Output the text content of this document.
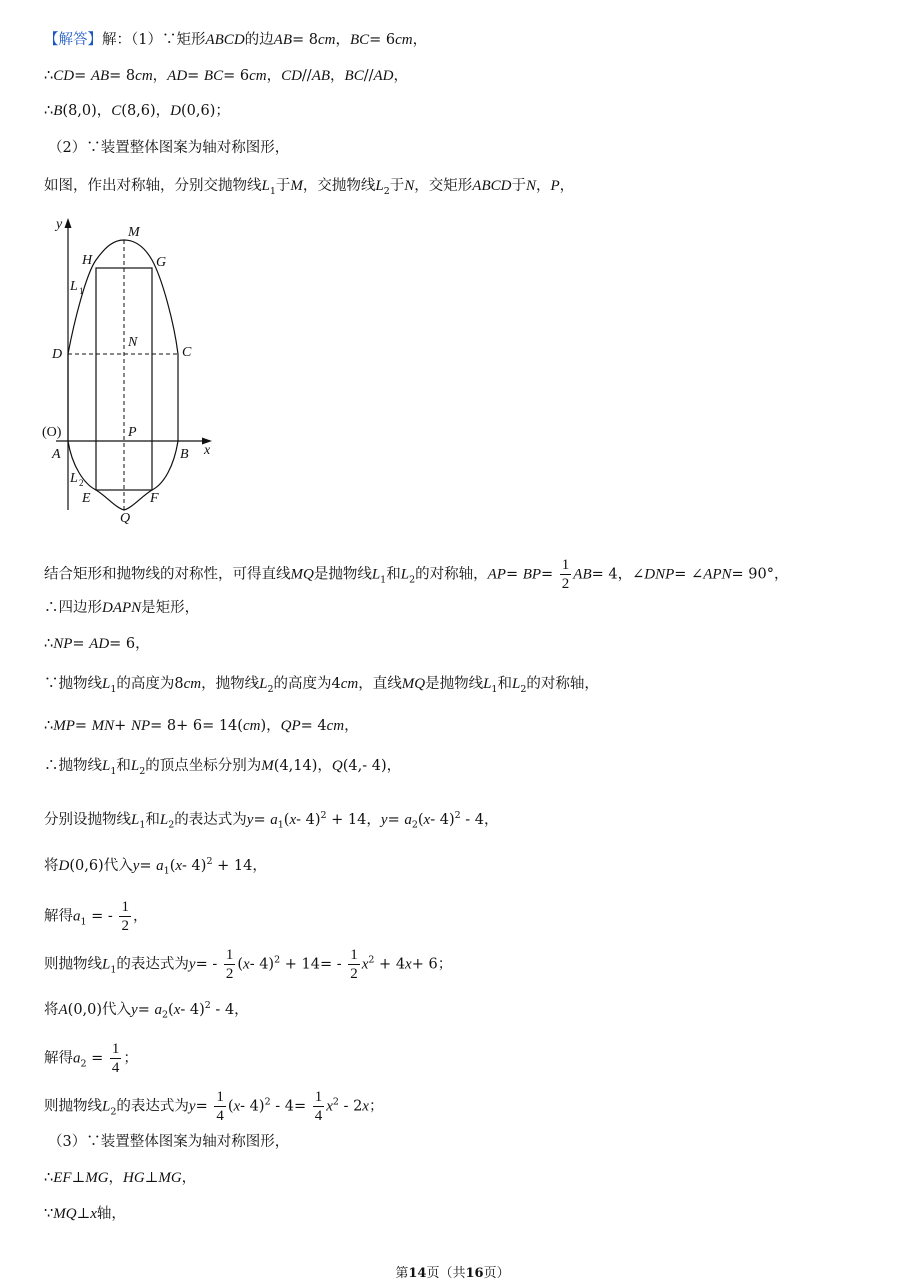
【解答】解：（1）∵矩形ABCD的边AB= 8cm，BC= 6cm，
∴CD= AB= 8cm，AD= BC= 6cm，CD//AB，BC//AD，
∴B(8,0)，C(8,6)，D(0,6)；
（2）∵装置整体图案为轴对称图形，
如图，作出对称轴，分别交抛物线$L_1$于M，交抛物线$L_2$于N，交矩形ABCD于N，P，
y
M
H	G
L 1
D
N
C
(O)	P
A	B x
L 2
E	F
Q
结合矩形和抛物线的对称性，可得直线MQ是抛物线$L_1$和$L_2$的对称轴，$AP= BP= \frac{1}{2} AB= 4$，∠DNP= ∠APN= 90°，
∴四边形DAPN是矩形，
∴NP= AD= 6，
∵抛物线$L_1$的高度为8cm，抛物线$L_2$的高度为4cm，直线MQ是抛物线$L_1$和$L_2$的对称轴，
∴MP= MN+ NP= 8+ 6= 14(cm)，QP= 4cm，
∴抛物线$L_1$和$L_2$的顶点坐标分别为M(4,14)，Q(4,- 4)，
分别设抛物线$L_1$和$L_2$的表达式为$y= a_1(x-$ 4)$^2$ + 14，$y= a_2(x-$ 4)$^2$ - 4，
将D(0,6)代入$y= a_1(x-$ 4)$^2$ + 14，
解得$a_1$ = - $\frac{1}{2}$ ，
则抛物线$L_1$的表达式为$y= - \frac{1}{2} (x-$ $4)^2 + 14= - \frac{1}{2} x^2 + 4x+ 6$；
将A(0,0)代入$y= a_2(x-$ 4)$^2$ - 4，
解得$a_2 = \frac{1}{4}$ ；
则抛物线$L_2$的表达式为$y= \frac{1}{4} (x-$ $4)^2 - 4= \frac{1}{4} x^2 - 2x$；
（3）∵装置整体图案为轴对称图形，
∴EF⊥MG，HG⊥MG，
∵MQ⊥x轴，
第14页（共16页）
